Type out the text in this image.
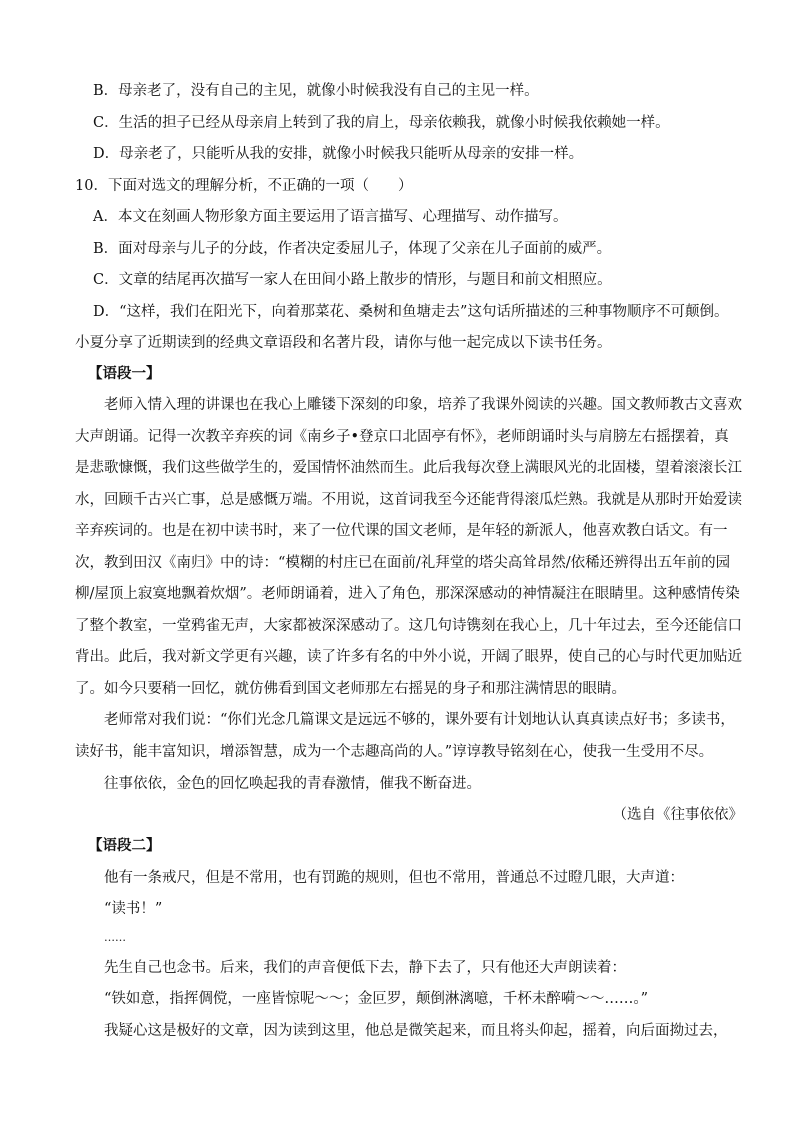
B．母亲老了，没有自己的主见，就像小时候我没有自己的主见一样。
C．生活的担子已经从母亲肩上转到了我的肩上，母亲依赖我，就像小时候我依赖她一样。
D．母亲老了，只能听从我的安排，就像小时候我只能听从母亲的安排一样。
10．下面对选文的理解分析，不正确的一项（　　）
A．本文在刻画人物形象方面主要运用了语言描写、心理描写、动作描写。
B．面对母亲与儿子的分歧，作者决定委屈儿子，体现了父亲在儿子面前的威严。
C．文章的结尾再次描写一家人在田间小路上散步的情形，与题目和前文相照应。
D．“这样，我们在阳光下，向着那菜花、桑树和鱼塘走去”这句话所描述的三种事物顺序不可颠倒。
小夏分享了近期读到的经典文章语段和名著片段，请你与他一起完成以下读书任务。
【语段一】
老师入情入理的讲课也在我心上雕镂下深刻的印象，培养了我课外阅读的兴趣。国文教师教古文喜欢大声朗诵。记得一次教辛弃疾的词《南乡子•登京口北固亭有怀》，老师朗诵时头与肩膀左右摇摆着，真是悲歌慷慨，我们这些做学生的，爱国情怀油然而生。此后我每次登上满眼风光的北固楼，望着滚滚长江水，回顾千古兴亡事，总是感慨万端。不用说，这首词我至今还能背得滚瓜烂熟。我就是从那时开始爱读辛弃疾词的。也是在初中读书时，来了一位代课的国文老师，是年轻的新派人，他喜欢教白话文。有一次，教到田汉《南归》中的诗：“模糊的村庄已在面前/礼拜堂的塔尖高耸昂然/依稀还辨得出五年前的园柳/屋顶上寂寞地飘着炊烟”。老师朗诵着，进入了角色，那深深感动的神情凝注在眼睛里。这种感情传染了整个教室，一堂鸦雀无声，大家都被深深感动了。这几句诗镌刻在我心上，几十年过去，至今还能信口背出。此后，我对新文学更有兴趣，读了许多有名的中外小说，开阔了眼界，使自己的心与时代更加贴近了。如今只要稍一回忆，就仿佛看到国文老师那左右摇晃的身子和那注满情思的眼睛。
老师常对我们说：“你们光念几篇课文是远远不够的，课外要有计划地认认真真读点好书；多读书，读好书，能丰富知识，增添智慧，成为一个志趣高尚的人。”谆谆教导铭刻在心，使我一生受用不尽。
往事依依，金色的回忆唤起我的青春激情，催我不断奋进。
（选自《往事依依》
【语段二】
他有一条戒尺，但是不常用，也有罚跪的规则，但也不常用，普通总不过瞪几眼，大声道：
“读书！”
……
先生自己也念书。后来，我们的声音便低下去，静下去了，只有他还大声朗读着：
“铁如意，指挥倜傥，一座皆惊呢～～；金叵罗，颠倒淋漓噫，千杯未醉嗬～～……。”
我疑心这是极好的文章，因为读到这里，他总是微笑起来，而且将头仰起，摇着，向后面拗过去，
